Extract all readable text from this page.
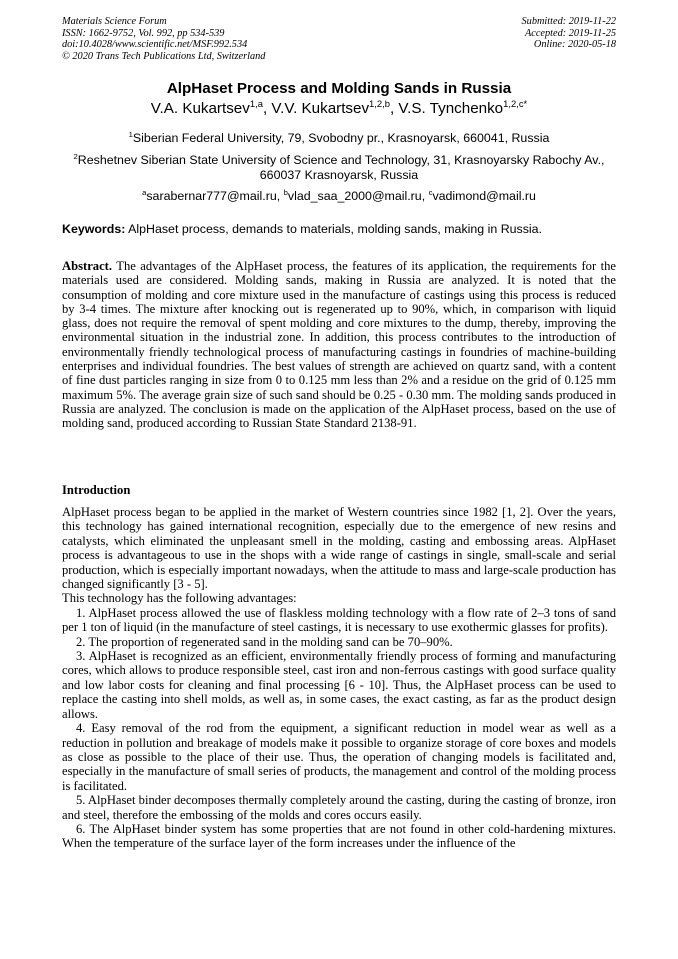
Materials Science Forum
ISSN: 1662-9752, Vol. 992, pp 534-539
doi:10.4028/www.scientific.net/MSF.992.534
© 2020 Trans Tech Publications Ltd, Switzerland
Submitted: 2019-11-22
Accepted: 2019-11-25
Online: 2020-05-18
AlpHaset Process and Molding Sands in Russia
V.A. Kukartsev$^{1,a}$, V.V. Kukartsev$^{1,2,b}$, V.S. Tynchenko$^{1,2,c*}$
$^1$Siberian Federal University, 79, Svobodny pr., Krasnoyarsk, 660041, Russia
$^2$Reshetnev Siberian State University of Science and Technology, 31, Krasnoyarsky Rabochy Av., 660037 Krasnoyarsk, Russia
$^a$sarabernar777@mail.ru, $^b$vlad_saa_2000@mail.ru, $^c$vadimond@mail.ru
Keywords: AlpHaset process, demands to materials, molding sands, making in Russia.
Abstract. The advantages of the AlpHaset process, the features of its application, the requirements for the materials used are considered. Molding sands, making in Russia are analyzed. It is noted that the consumption of molding and core mixture used in the manufacture of castings using this process is reduced by 3-4 times. The mixture after knocking out is regenerated up to 90%, which, in comparison with liquid glass, does not require the removal of spent molding and core mixtures to the dump, thereby, improving the environmental situation in the industrial zone. In addition, this process contributes to the introduction of environmentally friendly technological process of manufacturing castings in foundries of machine-building enterprises and individual foundries. The best values of strength are achieved on quartz sand, with a content of fine dust particles ranging in size from 0 to 0.125 mm less than 2% and a residue on the grid of 0.125 mm maximum 5%. The average grain size of such sand should be 0.25 - 0.30 mm. The molding sands produced in Russia are analyzed. The conclusion is made on the application of the AlpHaset process, based on the use of molding sand, produced according to Russian State Standard 2138-91.
Introduction

AlpHaset process began to be applied in the market of Western countries since 1982 [1, 2]. Over the years, this technology has gained international recognition, especially due to the emergence of new resins and catalysts, which eliminated the unpleasant smell in the molding, casting and embossing areas. AlpHaset process is advantageous to use in the shops with a wide range of castings in single, small-scale and serial production, which is especially important nowadays, when the attitude to mass and large-scale production has changed significantly [3 - 5].

This technology has the following advantages:

1. AlpHaset process allowed the use of flaskless molding technology with a flow rate of 2–3 tons of sand per 1 ton of liquid (in the manufacture of steel castings, it is necessary to use exothermic glasses for profits).

2. The proportion of regenerated sand in the molding sand can be 70–90%.

3. AlpHaset is recognized as an efficient, environmentally friendly process of forming and manufacturing cores, which allows to produce responsible steel, cast iron and non-ferrous castings with good surface quality and low labor costs for cleaning and final processing [6 - 10]. Thus, the AlpHaset process can be used to replace the casting into shell molds, as well as, in some cases, the exact casting, as far as the product design allows.

4. Easy removal of the rod from the equipment, a significant reduction in model wear as well as a reduction in pollution and breakage of models make it possible to organize storage of core boxes and models as close as possible to the place of their use. Thus, the operation of changing models is facilitated and, especially in the manufacture of small series of products, the management and control of the molding process is facilitated.

5. AlpHaset binder decomposes thermally completely around the casting, during the casting of bronze, iron and steel, therefore the embossing of the molds and cores occurs easily.

6. The AlpHaset binder system has some properties that are not found in other cold-hardening mixtures. When the temperature of the surface layer of the form increases under the influence of the
